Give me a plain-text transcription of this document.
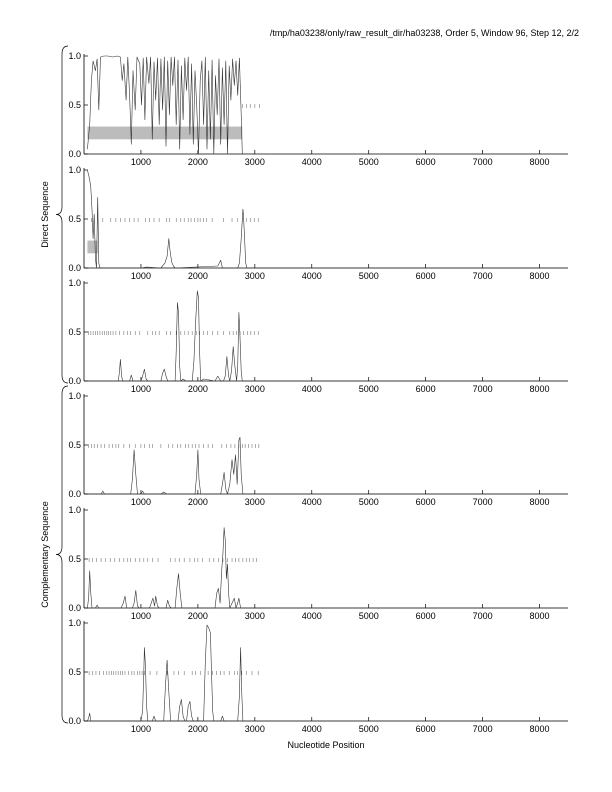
/tmp/ha03238/only/raw_result_dir/ha03238, Order 5, Window 96, Step 12, 2/2
Direct Sequence
Complementary Sequence
0.0
0.5
1.0
1000	2000	3000	4000	5000	6000	7000	8000
0.0
0.5
1.0
1000	2000	3000	4000	5000	6000	7000	8000
0.0
0.5
1.0
1000	2000	3000	4000	5000	6000	7000	8000
0.0
0.5
1.0
1000	2000	3000	4000	5000	6000	7000	8000
0.0
0.5
1.0
1000	2000	3000	4000	5000	6000	7000	8000
0.0
0.5
1.0
1000	2000	3000	4000	5000	6000	7000	8000
Nucleotide Position
